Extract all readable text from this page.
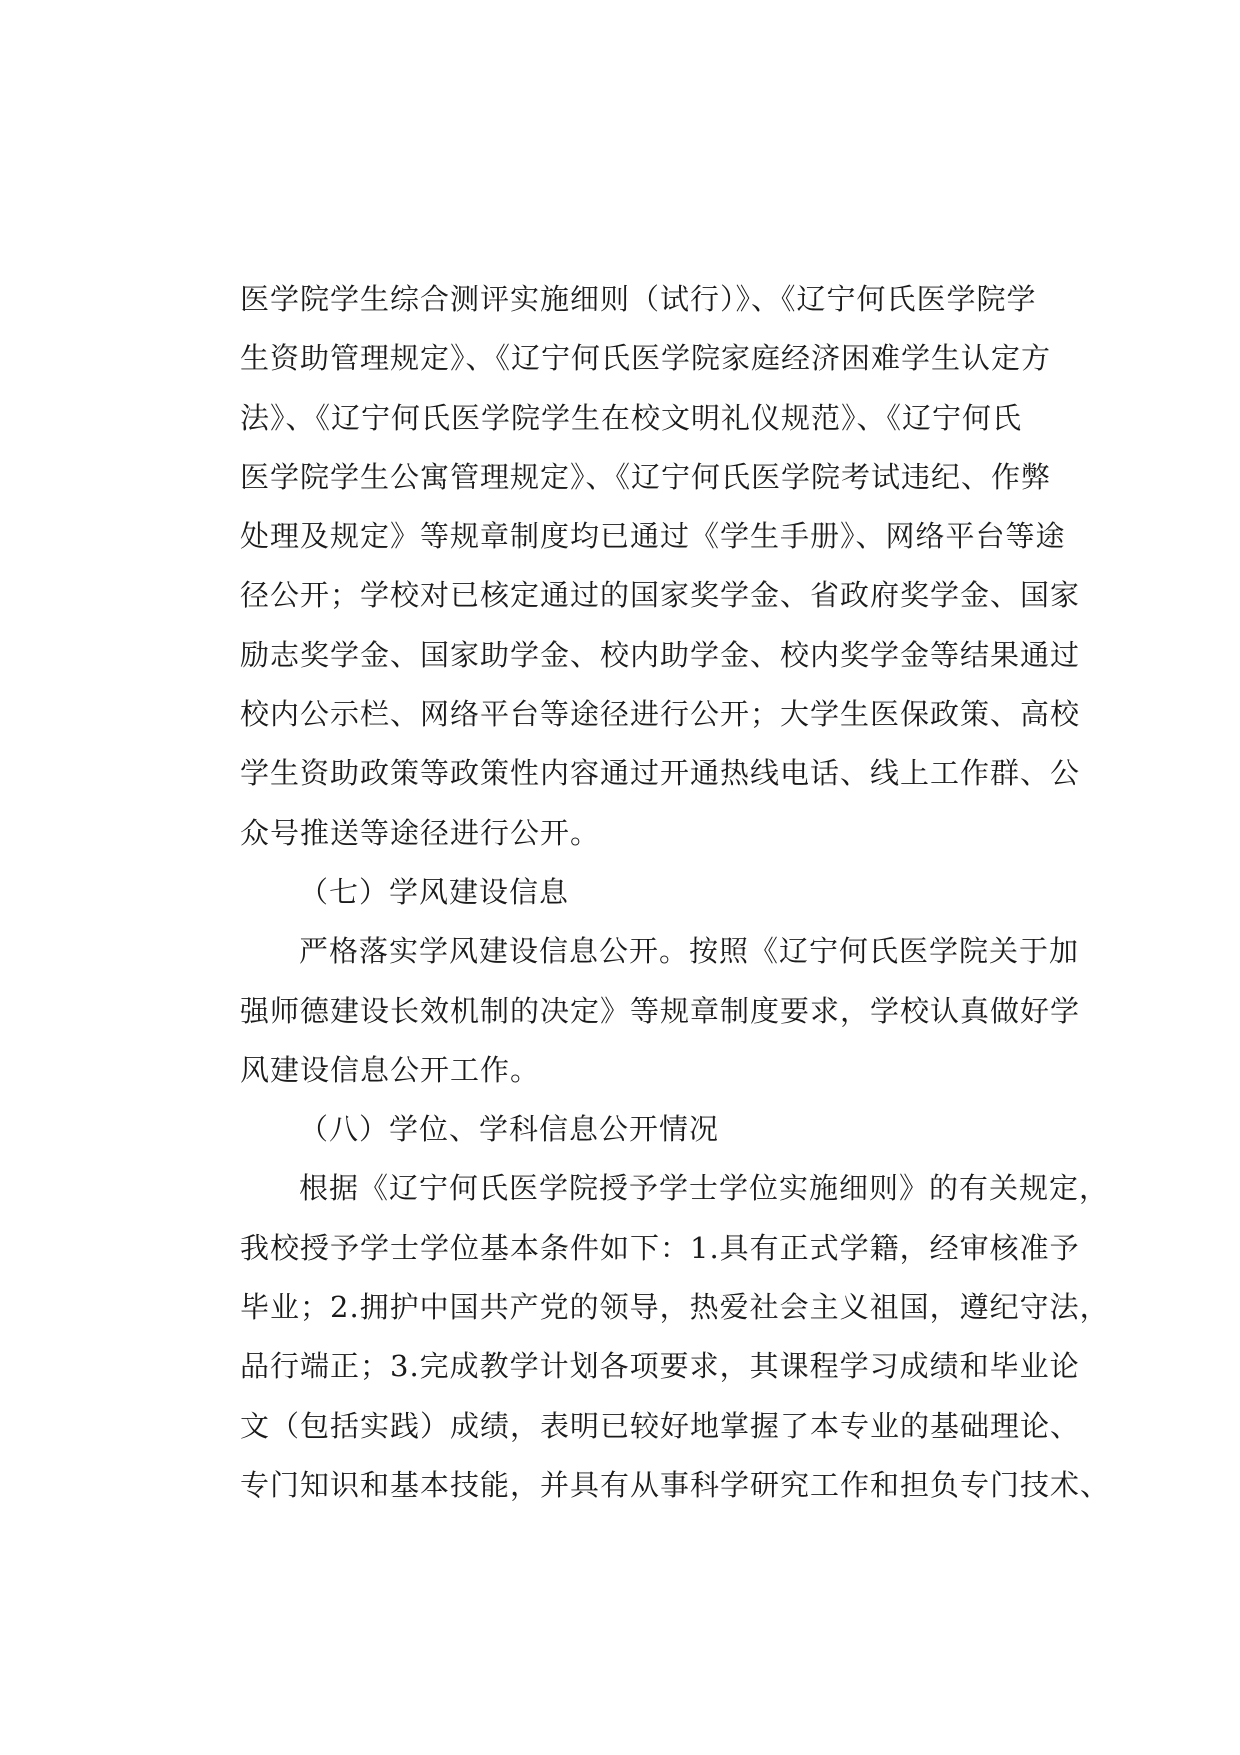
医学院学生综合测评实施细则（试行）》、《辽宁何氏医学院学
生资助管理规定》、《辽宁何氏医学院家庭经济困难学生认定方
法》、《辽宁何氏医学院学生在校文明礼仪规范》、《辽宁何氏
医学院学生公寓管理规定》、《辽宁何氏医学院考试违纪、作弊
处理及规定》等规章制度均已通过《学生手册》、网络平台等途
径公开；学校对已核定通过的国家奖学金、省政府奖学金、国家
励志奖学金、国家助学金、校内助学金、校内奖学金等结果通过
校内公示栏、网络平台等途径进行公开；大学生医保政策、高校
学生资助政策等政策性内容通过开通热线电话、线上工作群、公
众号推送等途径进行公开。
（七）学风建设信息
严格落实学风建设信息公开。按照《辽宁何氏医学院关于加
强师德建设长效机制的决定》等规章制度要求，学校认真做好学
风建设信息公开工作。
（八）学位、学科信息公开情况
根据《辽宁何氏医学院授予学士学位实施细则》的有关规定，
我校授予学士学位基本条件如下：1.具有正式学籍，经审核准予
毕业；2.拥护中国共产党的领导，热爱社会主义祖国，遵纪守法，
品行端正；3.完成教学计划各项要求，其课程学习成绩和毕业论
文（包括实践）成绩，表明已较好地掌握了本专业的基础理论、
专门知识和基本技能，并具有从事科学研究工作和担负专门技术、
